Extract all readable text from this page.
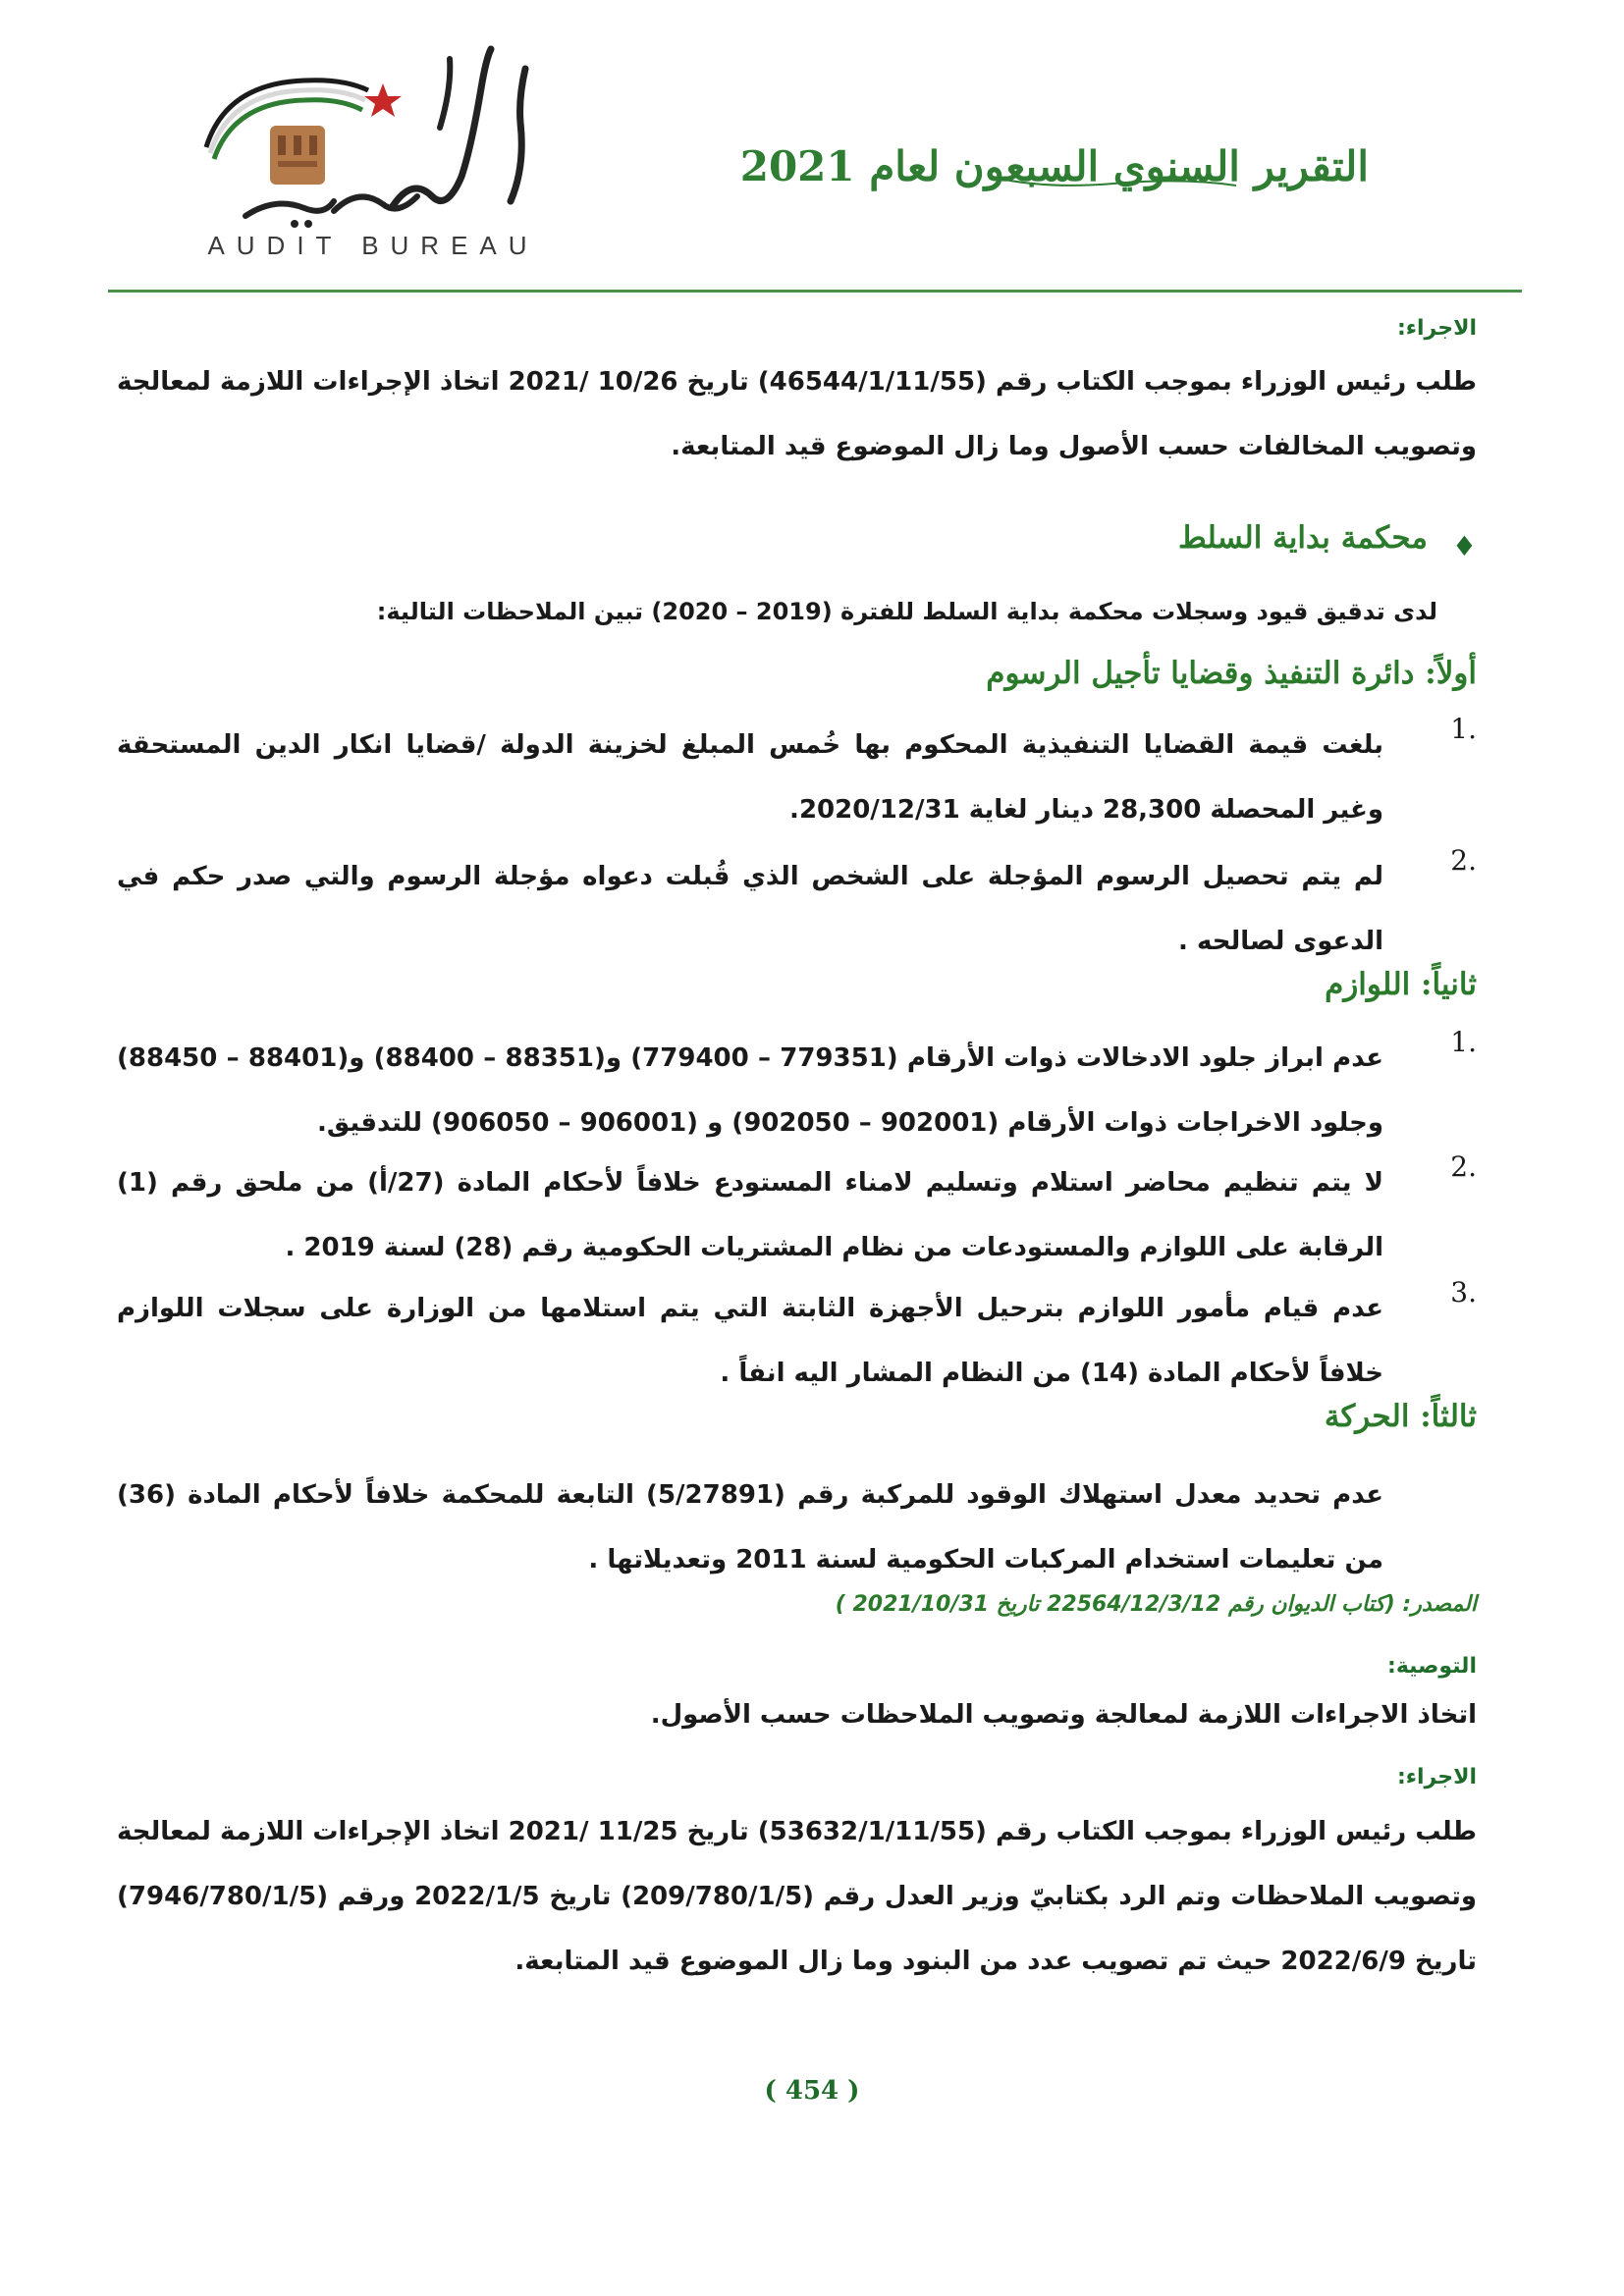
AUDIT BUREAU
التقرير السنوي السبعون لعام 2021
الاجراء:
طلب رئيس الوزراء بموجب الكتاب رقم (46544/1/11/55) تاريخ 10/26 /2021 اتخاذ الإجراءات اللازمة لمعالجة وتصويب المخالفات حسب الأصول وما زال الموضوع قيد المتابعة.
♦
محكمة بداية السلط
لدى تدقيق قيود وسجلات محكمة بداية السلط للفترة (2019 – 2020) تبين الملاحظات التالية:
أولاً: دائرة التنفيذ وقضايا تأجيل الرسوم
1.
بلغت قيمة القضايا التنفيذية المحكوم بها خُمس المبلغ لخزينة الدولة /قضايا انكار الدين المستحقة وغير المحصلة 28,300 دينار لغاية 2020/12/31.
2.
لم يتم تحصيل الرسوم المؤجلة على الشخص الذي قُبلت دعواه مؤجلة الرسوم والتي صدر حكم في الدعوى لصالحه .
ثانياً: اللوازم
1.
عدم ابراز جلود الادخالات ذوات الأرقام (779351 – 779400) و(88351 – 88400) و(88401 – 88450) وجلود الاخراجات ذوات الأرقام (902001 – 902050) و (906001 – 906050) للتدقيق.
2.
لا يتم تنظيم محاضر استلام وتسليم لامناء المستودع خلافاً لأحكام المادة (27/أ) من ملحق رقم (1) الرقابة على اللوازم والمستودعات من نظام المشتريات الحكومية رقم (28) لسنة 2019 .
3.
عدم قيام مأمور اللوازم بترحيل الأجهزة الثابتة التي يتم استلامها من الوزارة على سجلات اللوازم خلافاً لأحكام المادة (14) من النظام المشار اليه انفاً .
ثالثاً: الحركة
عدم تحديد معدل استهلاك الوقود للمركبة رقم (5/27891) التابعة للمحكمة خلافاً لأحكام المادة (36) من تعليمات استخدام المركبات الحكومية لسنة 2011 وتعديلاتها .
المصدر: (كتاب الديوان رقم 22564/12/3/12 تاريخ 2021/10/31 )
التوصية:
اتخاذ الاجراءات اللازمة لمعالجة وتصويب الملاحظات حسب الأصول.
الاجراء:
طلب رئيس الوزراء بموجب الكتاب رقم (53632/1/11/55) تاريخ 11/25 /2021 اتخاذ الإجراءات اللازمة لمعالجة وتصويب الملاحظات وتم الرد بكتابيّ وزير العدل رقم (209/780/1/5) تاريخ 2022/1/5 ورقم (7946/780/1/5) تاريخ 2022/6/9 حيث تم تصويب عدد من البنود وما زال الموضوع قيد المتابعة.
( 454 )
